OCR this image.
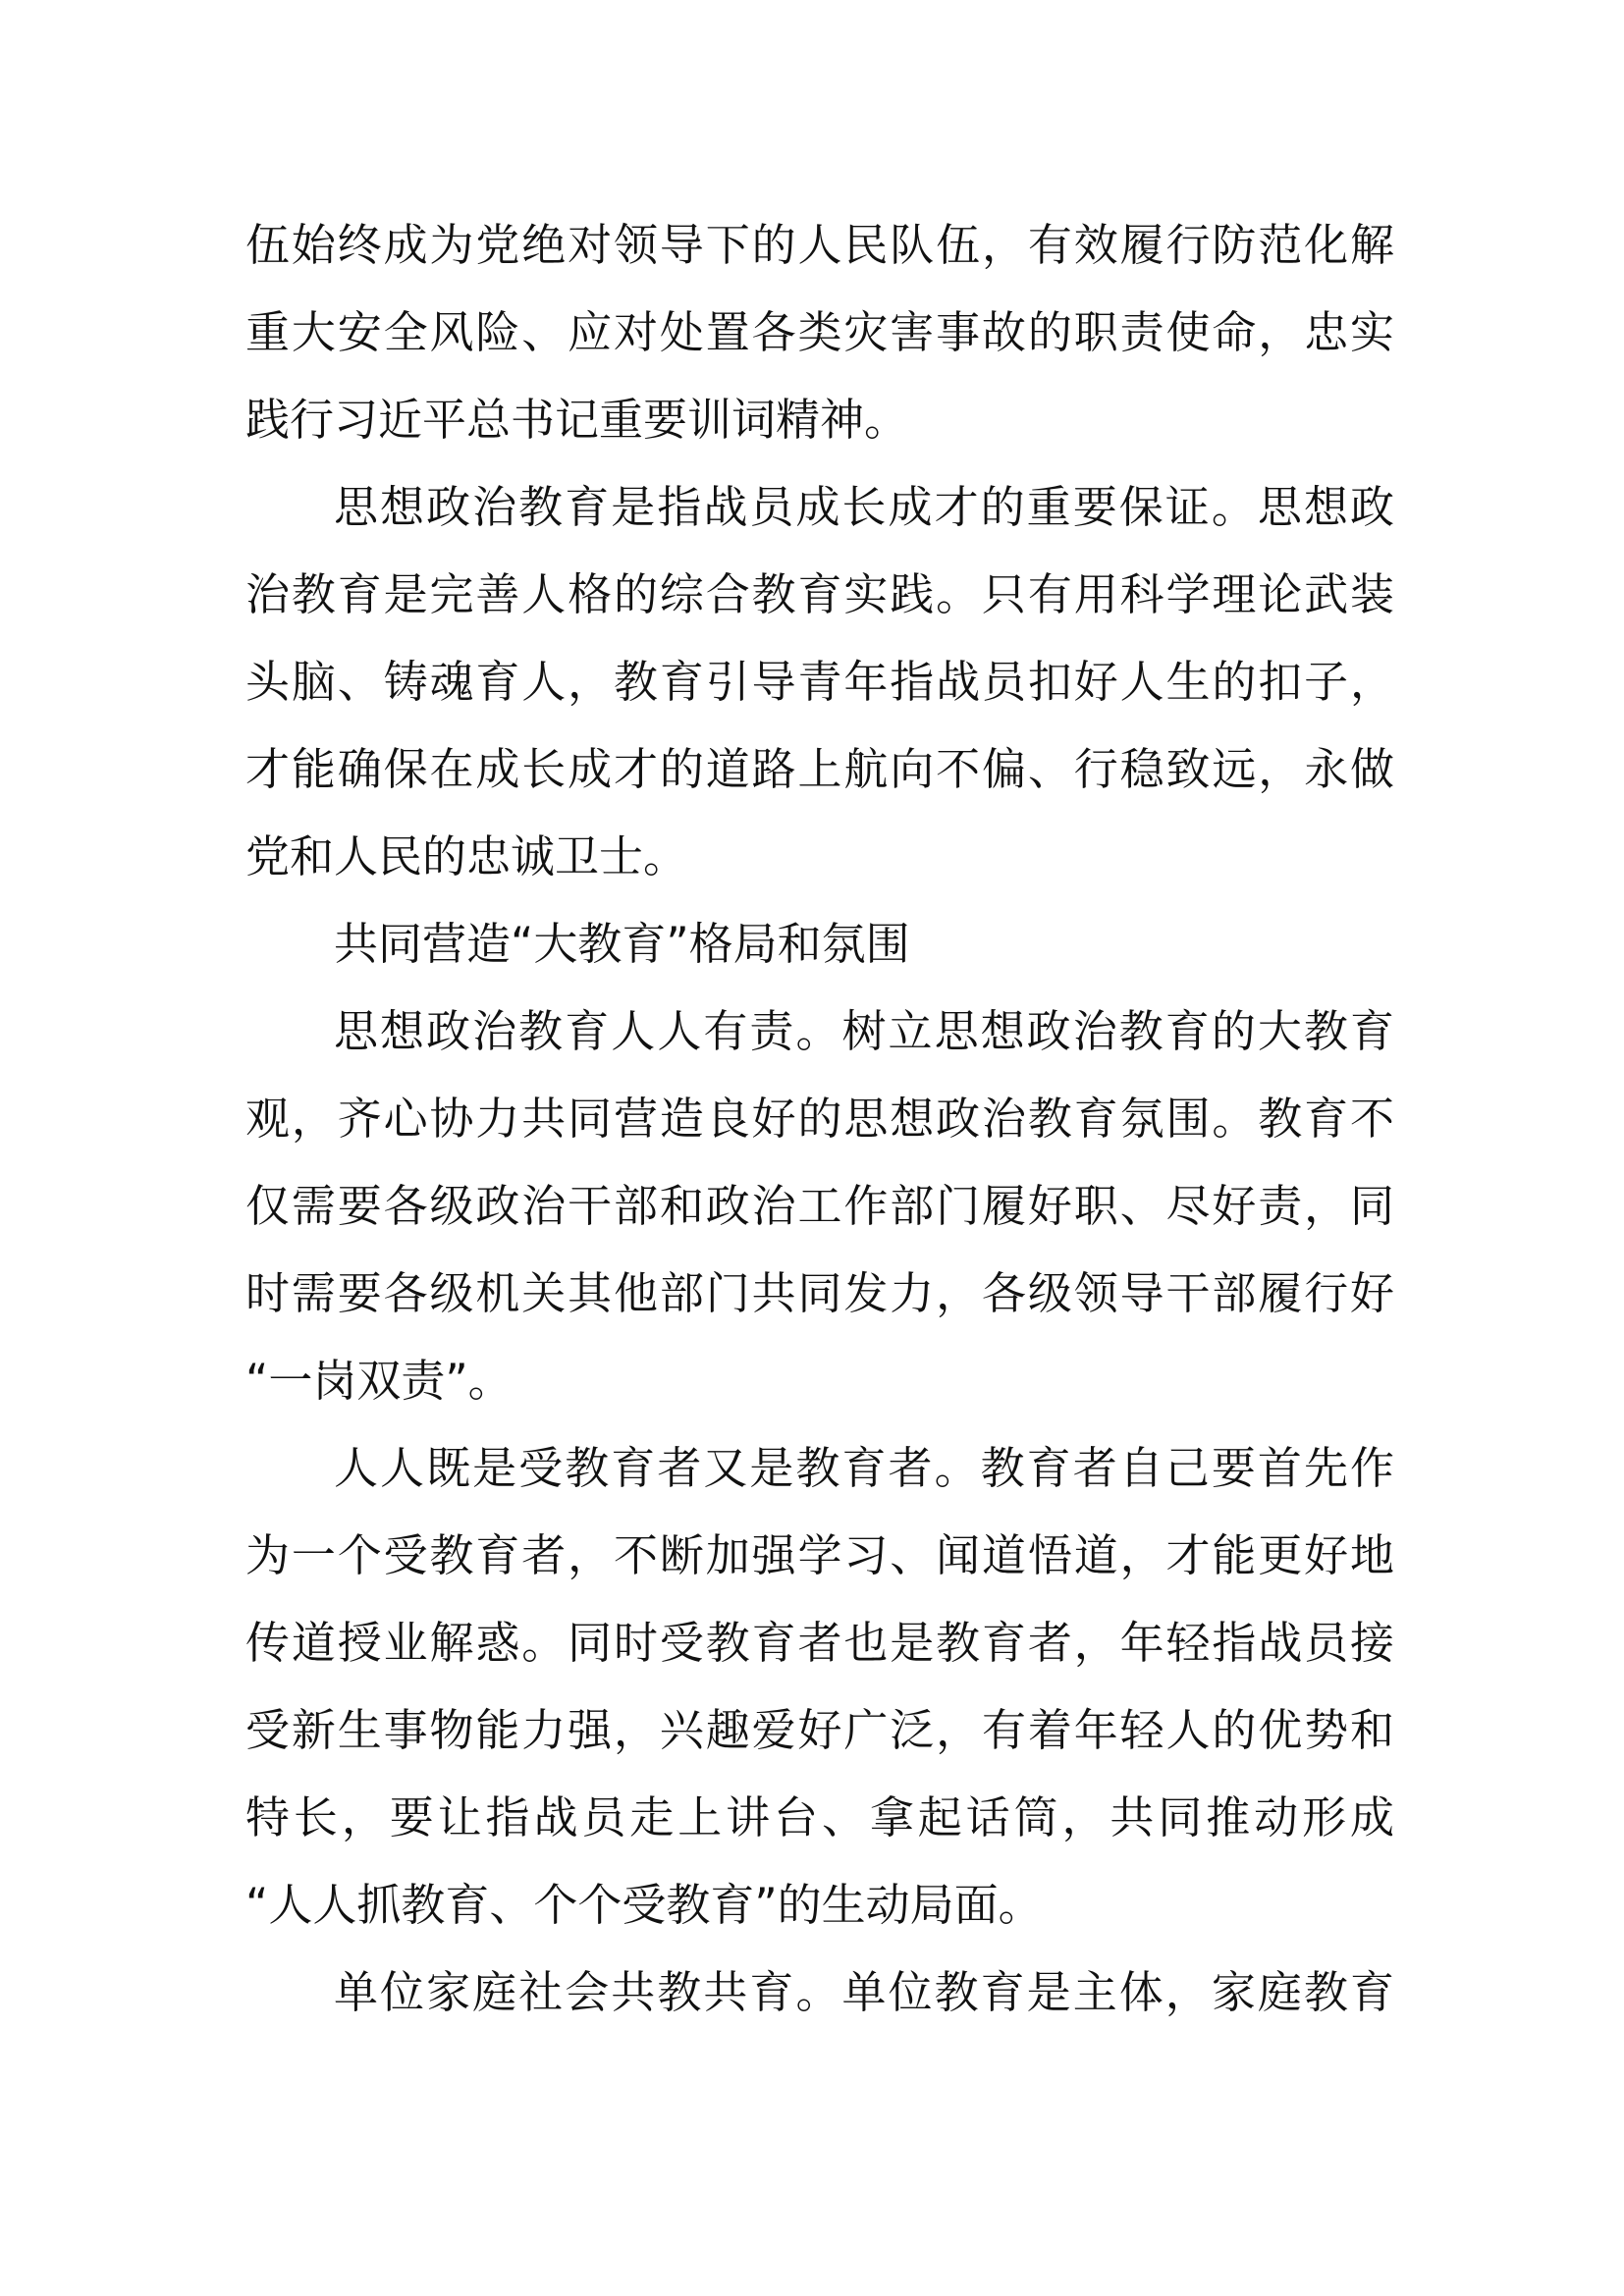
伍始终成为党绝对领导下的人民队伍，有效履行防范化解
重大安全风险、应对处置各类灾害事故的职责使命，忠实
践行习近平总书记重要训词精神。
思想政治教育是指战员成长成才的重要保证。思想政
治教育是完善人格的综合教育实践。只有用科学理论武装
头脑、铸魂育人，教育引导青年指战员扣好人生的扣子，
才能确保在成长成才的道路上航向不偏、行稳致远，永做
党和人民的忠诚卫士。
共同营造“大教育”格局和氛围
思想政治教育人人有责。树立思想政治教育的大教育
观，齐心协力共同营造良好的思想政治教育氛围。教育不
仅需要各级政治干部和政治工作部门履好职、尽好责，同
时需要各级机关其他部门共同发力，各级领导干部履行好
“一岗双责”。
人人既是受教育者又是教育者。教育者自己要首先作
为一个受教育者，不断加强学习、闻道悟道，才能更好地
传道授业解惑。同时受教育者也是教育者，年轻指战员接
受新生事物能力强，兴趣爱好广泛，有着年轻人的优势和
特长，要让指战员走上讲台、拿起话筒，共同推动形成
“人人抓教育、个个受教育”的生动局面。
单位家庭社会共教共育。单位教育是主体，家庭教育
